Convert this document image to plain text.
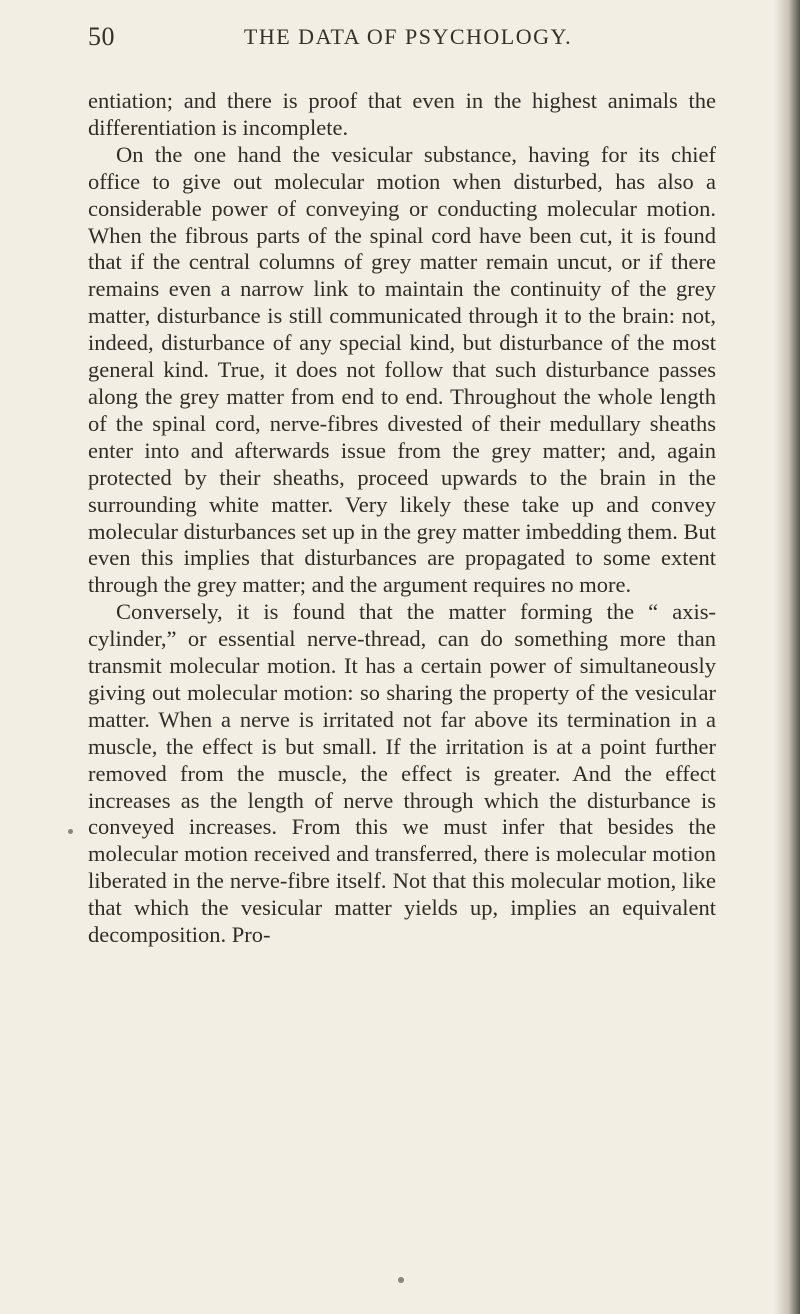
50	THE DATA OF PSYCHOLOGY.

entiation; and there is proof that even in the highest animals the differentiation is incomplete.

On the one hand the vesicular substance, having for its chief office to give out molecular motion when disturbed, has also a considerable power of conveying or conducting molecular motion. When the fibrous parts of the spinal cord have been cut, it is found that if the central columns of grey matter remain uncut, or if there remains even a narrow link to maintain the continuity of the grey matter, disturbance is still communicated through it to the brain: not, indeed, disturbance of any special kind, but disturbance of the most general kind. True, it does not follow that such disturbance passes along the grey matter from end to end. Throughout the whole length of the spinal cord, nerve-fibres divested of their medullary sheaths enter into and afterwards issue from the grey matter; and, again protected by their sheaths, proceed upwards to the brain in the surrounding white matter. Very likely these take up and convey molecular disturbances set up in the grey matter imbedding them. But even this implies that disturbances are propagated to some extent through the grey matter; and the argument requires no more.

Conversely, it is found that the matter forming the “ axis-cylinder,” or essential nerve-thread, can do something more than transmit molecular motion. It has a certain power of simultaneously giving out molecular motion: so sharing the property of the vesicular matter. When a nerve is irritated not far above its termination in a muscle, the effect is but small. If the irritation is at a point further removed from the muscle, the effect is greater. And the effect increases as the length of nerve through which the disturbance is conveyed increases. From this we must infer that besides the molecular motion received and transferred, there is molecular motion liberated in the nerve-fibre itself. Not that this molecular motion, like that which the vesicular matter yields up, implies an equivalent decomposition. Pro-
